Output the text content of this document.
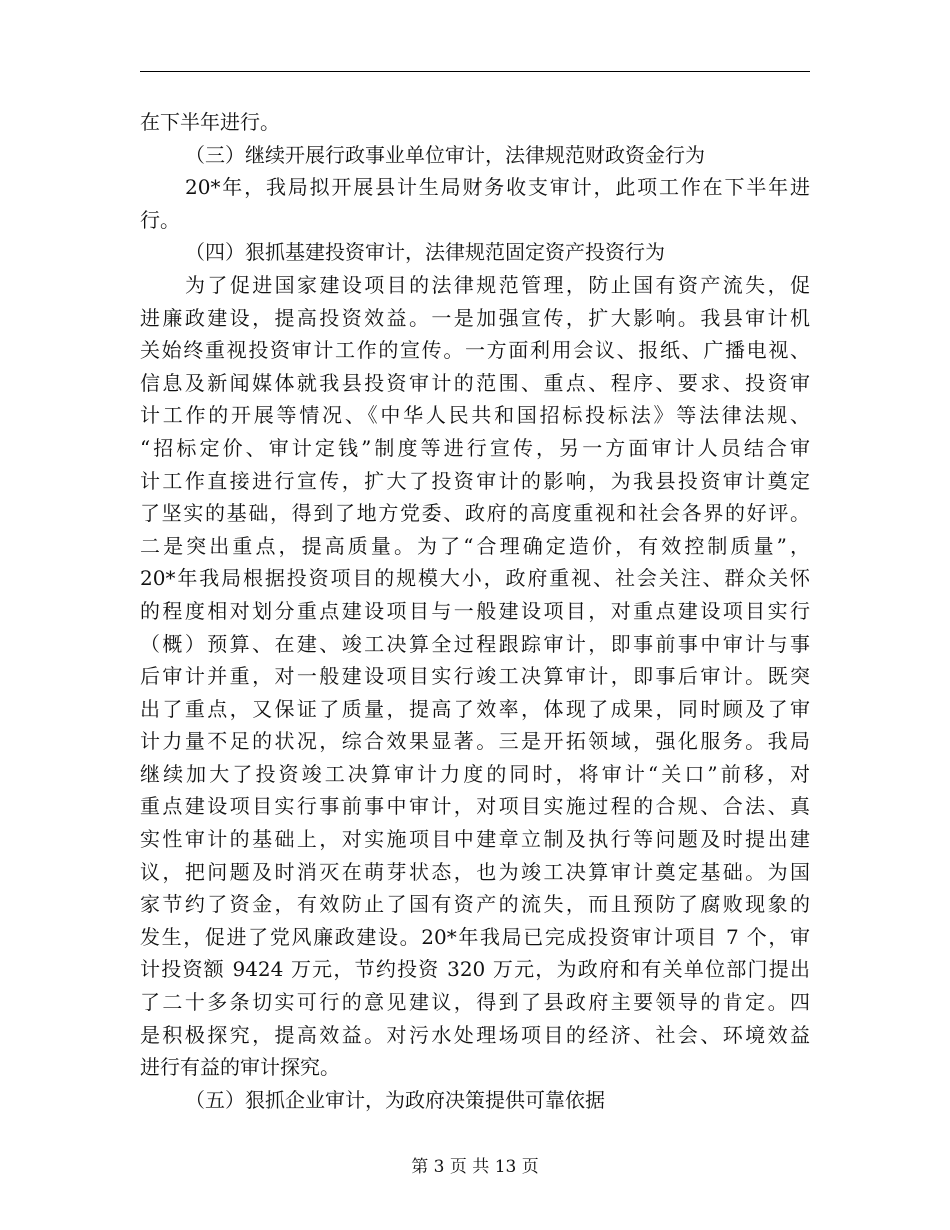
在下半年进行。
（三）继续开展行政事业单位审计，法律规范财政资金行为
20*年，我局拟开展县计生局财务收支审计，此项工作在下半年进
行。
（四）狠抓基建投资审计，法律规范固定资产投资行为
为了促进国家建设项目的法律规范管理，防止国有资产流失，促
进廉政建设，提高投资效益。一是加强宣传，扩大影响。我县审计机
关始终重视投资审计工作的宣传。一方面利用会议、报纸、广播电视、
信息及新闻媒体就我县投资审计的范围、重点、程序、要求、投资审
计工作的开展等情况、《中华人民共和国招标投标法》等法律法规、
“招标定价、审计定钱”制度等进行宣传，另一方面审计人员结合审
计工作直接进行宣传，扩大了投资审计的影响，为我县投资审计奠定
了坚实的基础，得到了地方党委、政府的高度重视和社会各界的好评。
二是突出重点，提高质量。为了“合理确定造价，有效控制质量”，
20*年我局根据投资项目的规模大小，政府重视、社会关注、群众关怀
的程度相对划分重点建设项目与一般建设项目，对重点建设项目实行
（概）预算、在建、竣工决算全过程跟踪审计，即事前事中审计与事
后审计并重，对一般建设项目实行竣工决算审计，即事后审计。既突
出了重点，又保证了质量，提高了效率，体现了成果，同时顾及了审
计力量不足的状况，综合效果显著。三是开拓领域，强化服务。我局
继续加大了投资竣工决算审计力度的同时，将审计“关口”前移，对
重点建设项目实行事前事中审计，对项目实施过程的合规、合法、真
实性审计的基础上，对实施项目中建章立制及执行等问题及时提出建
议，把问题及时消灭在萌芽状态，也为竣工决算审计奠定基础。为国
家节约了资金，有效防止了国有资产的流失，而且预防了腐败现象的
发生，促进了党风廉政建设。20*年我局已完成投资审计项目 7 个，审
计投资额 9424 万元，节约投资 320 万元，为政府和有关单位部门提出
了二十多条切实可行的意见建议，得到了县政府主要领导的肯定。四
是积极探究，提高效益。对污水处理场项目的经济、社会、环境效益
进行有益的审计探究。
（五）狠抓企业审计，为政府决策提供可靠依据
第 3 页 共 13 页
